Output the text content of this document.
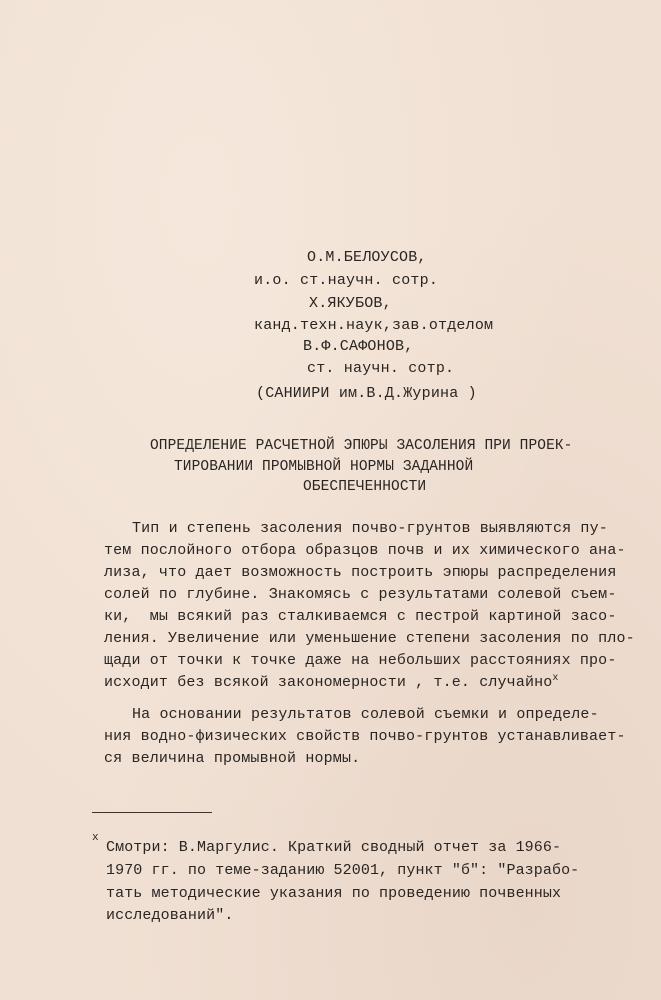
О.М.БЕЛОУСОВ,
и.о. ст.научн. сотр.
Х.ЯКУБОВ,
канд.техн.наук,зав.отделом
В.Ф.САФОНОВ,
ст. научн. сотр.
(САНИИРИ им.В.Д.Журина )
ОПРЕДЕЛЕНИЕ РАСЧЕТНОЙ ЭПЮРЫ ЗАСОЛЕНИЯ ПРИ ПРОЕК-
ТИРОВАНИИ ПРОМЫВНОЙ НОРМЫ ЗАДАННОЙ
ОБЕСПЕЧЕННОСТИ
Тип и степень засоления почво-грунтов выявляются пу-
тем послойного отбора образцов почв и их химического ана-
лиза, что дает возможность построить эпюры распределения
солей по глубине. Знакомясь с результатами солевой съем-
ки,  мы всякий раз сталкиваемся с пестрой картиной засо-
ления. Увеличение или уменьшение степени засоления по пло-
щади от точки к точке даже на небольших расстояниях про-
исходит без всякой закономерности , т.е. случайно$^x$
На основании результатов солевой съемки и определе-
ния водно-физических свойств почво-грунтов устанавливает-
ся величина промывной нормы.
x
Смотри: В.Маргулис. Краткий сводный отчет за 1966-
1970 гг. по теме-заданию 52001, пункт "б": "Разрабо-
тать методические указания по проведению почвенных
исследований".
